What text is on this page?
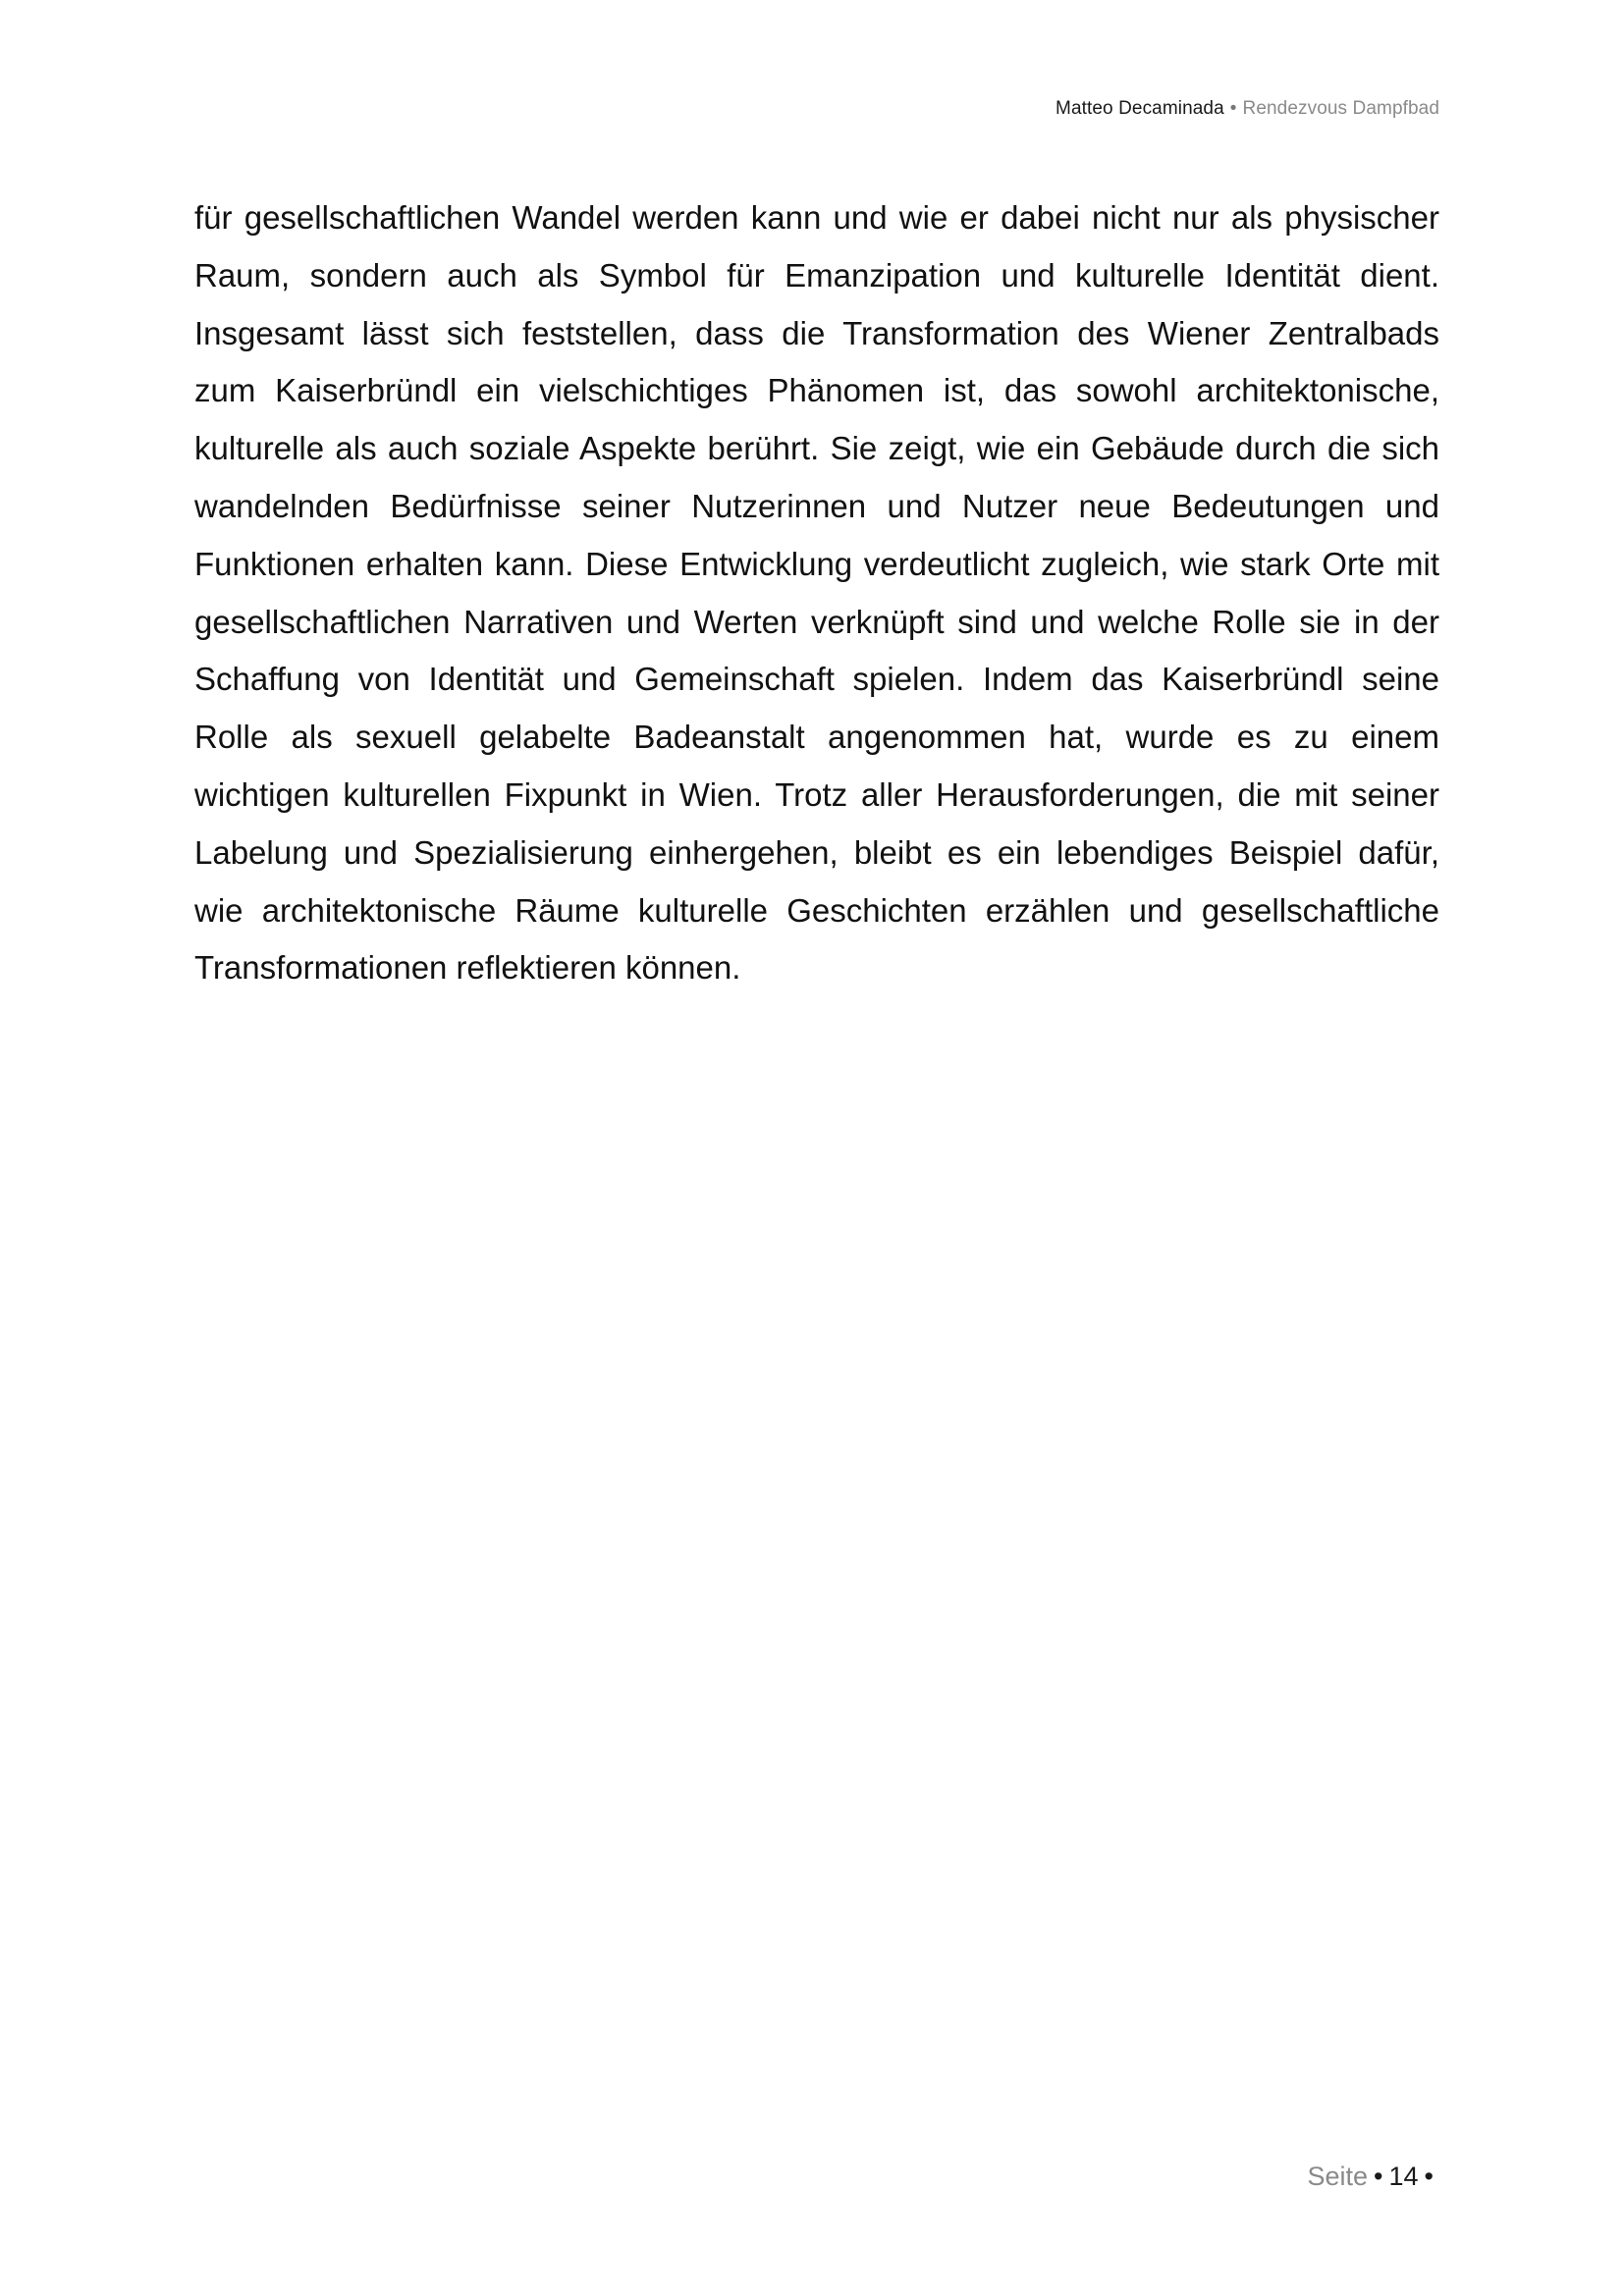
Matteo Decaminada • Rendezvous Dampfbad
für gesellschaftlichen Wandel werden kann und wie er dabei nicht nur als physischer
Raum, sondern auch als Symbol für Emanzipation und kulturelle Identität dient.
Insgesamt lässt sich feststellen, dass die Transformation des Wiener Zentralbads
zum Kaiserbründl ein vielschichtiges Phänomen ist, das sowohl architektonische,
kulturelle als auch soziale Aspekte berührt. Sie zeigt, wie ein Gebäude durch die sich
wandelnden Bedürfnisse seiner Nutzerinnen und Nutzer neue Bedeutungen und
Funktionen erhalten kann. Diese Entwicklung verdeutlicht zugleich, wie stark Orte mit
gesellschaftlichen Narrativen und Werten verknüpft sind und welche Rolle sie in der
Schaffung von Identität und Gemeinschaft spielen. Indem das Kaiserbründl seine
Rolle als sexuell gelabelte Badeanstalt angenommen hat, wurde es zu einem
wichtigen kulturellen Fixpunkt in Wien. Trotz aller Herausforderungen, die mit seiner
Labelung und Spezialisierung einhergehen, bleibt es ein lebendiges Beispiel dafür,
wie architektonische Räume kulturelle Geschichten erzählen und gesellschaftliche
Transformationen reflektieren können.
Seite • 14 •
